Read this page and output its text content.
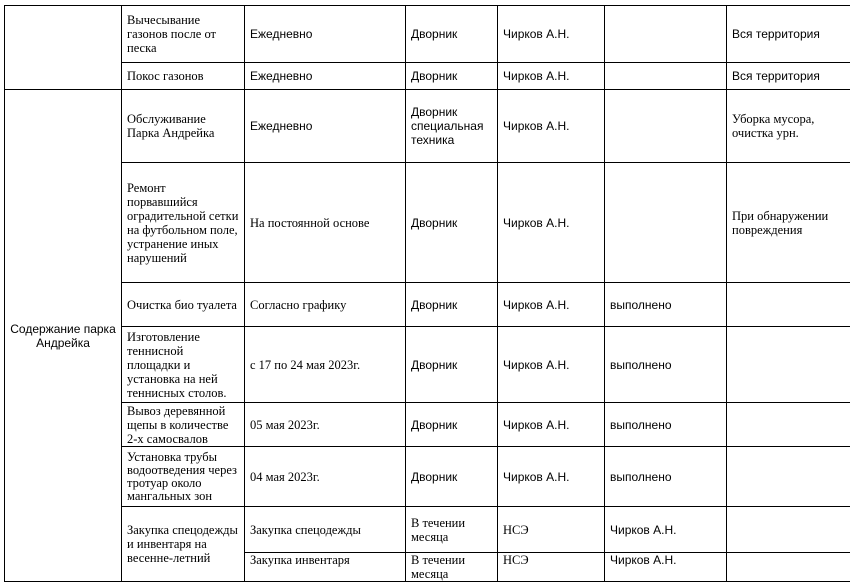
	Вычесывание газонов после от песка	Ежедневно	Дворник	Чирков А.Н.		Вся территория	
	Покос газонов	Ежедневно	Дворник	Чирков А.Н.		Вся территория	
Содержание парка Андрейка	Обслуживание Парка Андрейка	Ежедневно	Дворник специальная техника	Чирков А.Н.		Уборка мусора, очистка урн.	
	Ремонт порвавшийся оградительной сетки на футбольном поле, устранение иных нарушений	На постоянной основе	Дворник	Чирков А.Н.		При обнаружении повреждения	
	Очистка био туалета	Согласно графику	Дворник	Чирков А.Н.	выполнено		
	Изготовление теннисной площадки и установка на ней теннисных столов.	с 17 по 24 мая 2023г.	Дворник	Чирков А.Н.	выполнено		
	Вывоз деревянной щепы в количестве 2-х самосвалов	05 мая 2023г.	Дворник	Чирков А.Н.	выполнено		
	Установка трубы водоотведения через тротуар около мангальных зон	04 мая 2023г.	Дворник	Чирков А.Н.	выполнено		
	Закупка спецодежды и инвентаря на весенне-летний	Закупка спецодежды	В течении месяца	НСЭ	Чирков А.Н.		
		Закупка инвентаря	В течении месяца	НСЭ	Чирков А.Н.		
